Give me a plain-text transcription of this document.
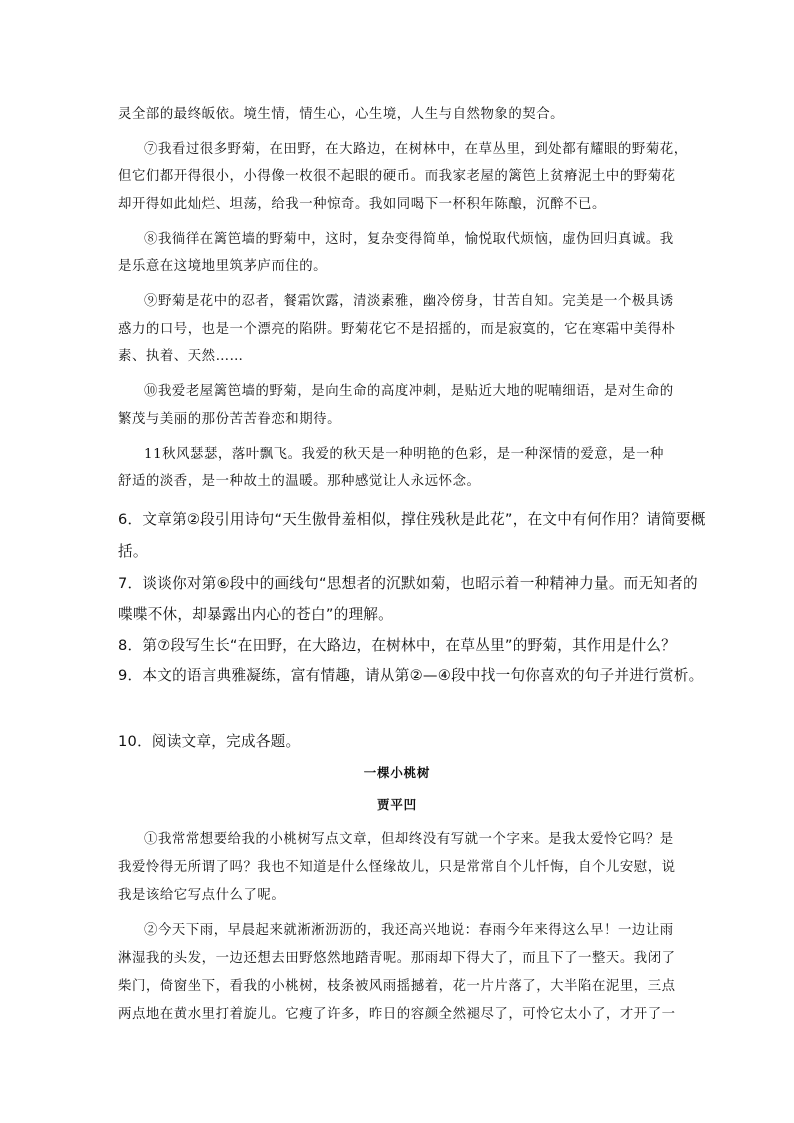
灵全部的最终皈依。境生情，情生心，心生境，人生与自然物象的契合。
⑦我看过很多野菊，在田野，在大路边，在树林中，在草丛里，到处都有耀眼的野菊花，
但它们都开得很小，小得像一枚很不起眼的硬币。而我家老屋的篱笆上贫瘠泥土中的野菊花
却开得如此灿烂、坦荡，给我一种惊奇。我如同喝下一杯积年陈酿，沉醉不已。
⑧我徜徉在篱笆墙的野菊中，这时，复杂变得简单，愉悦取代烦恼，虚伪回归真诚。我
是乐意在这境地里筑茅庐而住的。
⑨野菊是花中的忍者，餐霜饮露，清淡素雅，幽冷傍身，甘苦自知。完美是一个极具诱
惑力的口号，也是一个漂亮的陷阱。野菊花它不是招摇的，而是寂寞的，它在寒霜中美得朴
素、执着、天然……
⑩我爱老屋篱笆墙的野菊，是向生命的高度冲刺，是贴近大地的呢喃细语，是对生命的
繁茂与美丽的那份苦苦眷恋和期待。
11秋风瑟瑟，落叶飘飞。我爱的秋天是一种明艳的色彩，是一种深情的爱意，是一种
舒适的淡香，是一种故土的温暖。那种感觉让人永远怀念。
6．文章第②段引用诗句“天生傲骨羞相似，撑住残秋是此花”，在文中有何作用？请简要概
括。
7．谈谈你对第⑥段中的画线句“思想者的沉默如菊，也昭示着一种精神力量。而无知者的
喋喋不休，却暴露出内心的苍白”的理解。
8．第⑦段写生长“在田野，在大路边，在树林中，在草丛里”的野菊，其作用是什么？
9．本文的语言典雅凝练，富有情趣，请从第②—④段中找一句你喜欢的句子并进行赏析。
10．阅读文章，完成各题。
一棵小桃树
贾平凹
①我常常想要给我的小桃树写点文章，但却终没有写就一个字来。是我太爱怜它吗？是
我爱怜得无所谓了吗？我也不知道是什么怪缘故儿，只是常常自个儿忏悔，自个儿安慰，说
我是该给它写点什么了呢。
②今天下雨，早晨起来就淅淅沥沥的，我还高兴地说：春雨今年来得这么早！一边让雨
淋湿我的头发，一边还想去田野悠然地踏青呢。那雨却下得大了，而且下了一整天。我闭了
柴门，倚窗坐下，看我的小桃树，枝条被风雨摇撼着，花一片片落了，大半陷在泥里，三点
两点地在黄水里打着旋儿。它瘦了许多，昨日的容颜全然褪尽了，可怜它太小了，才开了一
